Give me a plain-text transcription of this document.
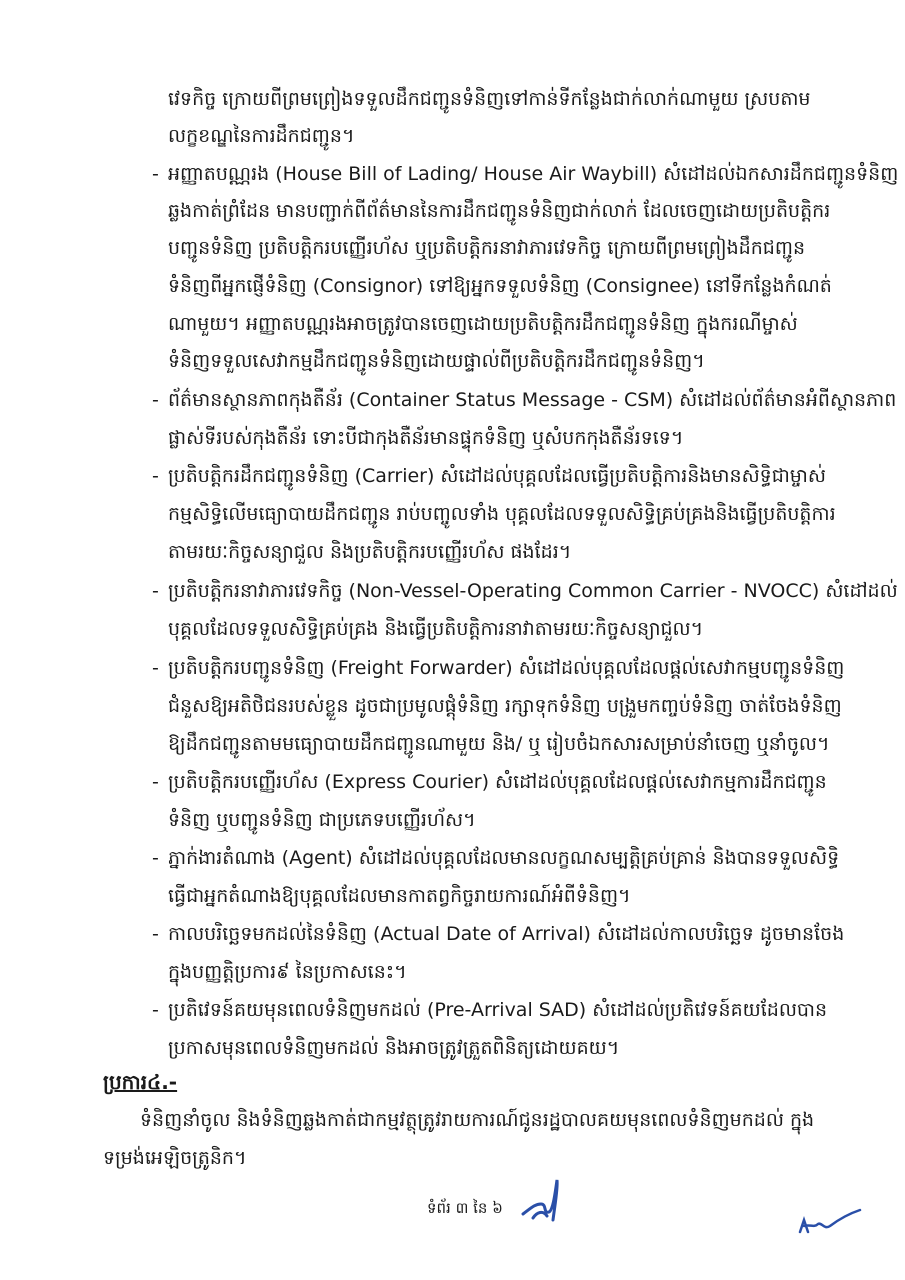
វេទកិច្ច ក្រោយពីព្រមព្រៀងទទួលដឹកជញ្ជូនទំនិញទៅកាន់ទីកន្លែងជាក់លាក់ណាមួយ ស្របតាម
លក្ខខណ្ឌនៃការដឹកជញ្ជូន។
- អញ្ញាតបណ្ណរង (House Bill of Lading/ House Air Waybill) សំដៅដល់ឯកសារដឹកជញ្ជូនទំនិញ
ឆ្លងកាត់ព្រំដែន មានបញ្ជាក់ពីព័ត៌មាននៃការដឹកជញ្ជូនទំនិញជាក់លាក់ ដែលចេញដោយប្រតិបត្តិករ
បញ្ជូនទំនិញ ប្រតិបត្តិករបញ្ញើរហ័ស ឬប្រតិបត្តិករនាវាភារវេទកិច្ច ក្រោយពីព្រមព្រៀងដឹកជញ្ជូន
ទំនិញពីអ្នកផ្ញើទំនិញ (Consignor) ទៅឱ្យអ្នកទទួលទំនិញ (Consignee) នៅទីកន្លែងកំណត់
ណាមួយ។ អញ្ញាតបណ្ណរងអាចត្រូវបានចេញដោយប្រតិបត្តិករដឹកជញ្ជូនទំនិញ ក្នុងករណីម្ចាស់
ទំនិញទទួលសេវាកម្មដឹកជញ្ជូនទំនិញដោយផ្ទាល់ពីប្រតិបត្តិករដឹកជញ្ជូនទំនិញ។
- ព័ត៌មានស្ថានភាពកុងតឺន័រ (Container Status Message - CSM) សំដៅដល់ព័ត៌មានអំពីស្ថានភាព
ផ្លាស់ទីរបស់កុងតឺន័រ ទោះបីជាកុងតឺន័រមានផ្ទុកទំនិញ ឬសំបកកុងតឺន័រទទេ។
- ប្រតិបត្តិករដឹកជញ្ជូនទំនិញ (Carrier) សំដៅដល់បុគ្គលដែលធ្វើប្រតិបត្តិការនិងមានសិទ្ធិជាម្ចាស់
កម្មសិទ្ធិលើមធ្យោបាយដឹកជញ្ជូន រាប់បញ្ចូលទាំង បុគ្គលដែលទទួលសិទ្ធិគ្រប់គ្រងនិងធ្វើប្រតិបត្តិការ
តាមរយៈកិច្ចសន្យាជួល និងប្រតិបត្តិករបញ្ញើរហ័ស ផងដែរ។
- ប្រតិបត្តិករនាវាភារវេទកិច្ច (Non-Vessel-Operating Common Carrier - NVOCC) សំដៅដល់
បុគ្គលដែលទទួលសិទ្ធិគ្រប់គ្រង និងធ្វើប្រតិបត្តិការនាវាតាមរយៈកិច្ចសន្យាជួល។
- ប្រតិបត្តិករបញ្ជូនទំនិញ (Freight Forwarder) សំដៅដល់បុគ្គលដែលផ្តល់សេវាកម្មបញ្ជូនទំនិញ
ជំនួសឱ្យអតិថិជនរបស់ខ្លួន ដូចជាប្រមូលផ្តុំទំនិញ រក្សាទុកទំនិញ បង្រួមកញ្ចប់ទំនិញ ចាត់ចែងទំនិញ
ឱ្យដឹកជញ្ជូនតាមមធ្យោបាយដឹកជញ្ជូនណាមួយ និង/ ឬ រៀបចំឯកសារសម្រាប់នាំចេញ ឬនាំចូល។
- ប្រតិបត្តិករបញ្ញើរហ័ស (Express Courier) សំដៅដល់បុគ្គលដែលផ្តល់សេវាកម្មការដឹកជញ្ជូន
ទំនិញ ឬបញ្ជូនទំនិញ ជាប្រភេទបញ្ញើរហ័ស។
- ភ្នាក់ងារតំណាង (Agent) សំដៅដល់បុគ្គលដែលមានលក្ខណសម្បត្តិគ្រប់គ្រាន់ និងបានទទួលសិទ្ធិ
ធ្វើជាអ្នកតំណាងឱ្យបុគ្គលដែលមានកាតព្វកិច្ចរាយការណ៍អំពីទំនិញ។
- កាលបរិច្ឆេទមកដល់នៃទំនិញ (Actual Date of Arrival) សំដៅដល់កាលបរិច្ឆេទ ដូចមានចែង
ក្នុងបញ្ញត្តិប្រការ៩ នៃប្រកាសនេះ។
- ប្រតិវេទន៍គយមុនពេលទំនិញមកដល់ (Pre-Arrival SAD) សំដៅដល់ប្រតិវេទន៍គយដែលបាន
ប្រកាសមុនពេលទំនិញមកដល់ និងអាចត្រូវត្រួតពិនិត្យដោយគយ។
ប្រការ៤.-
ទំនិញនាំចូល និងទំនិញឆ្លងកាត់ជាកម្មវត្ថុត្រូវរាយការណ៍ជូនរដ្ឋបាលគយមុនពេលទំនិញមកដល់ ក្នុង
ទម្រង់អេឡិចត្រូនិក។
ទំព័រ ៣ នៃ ៦
